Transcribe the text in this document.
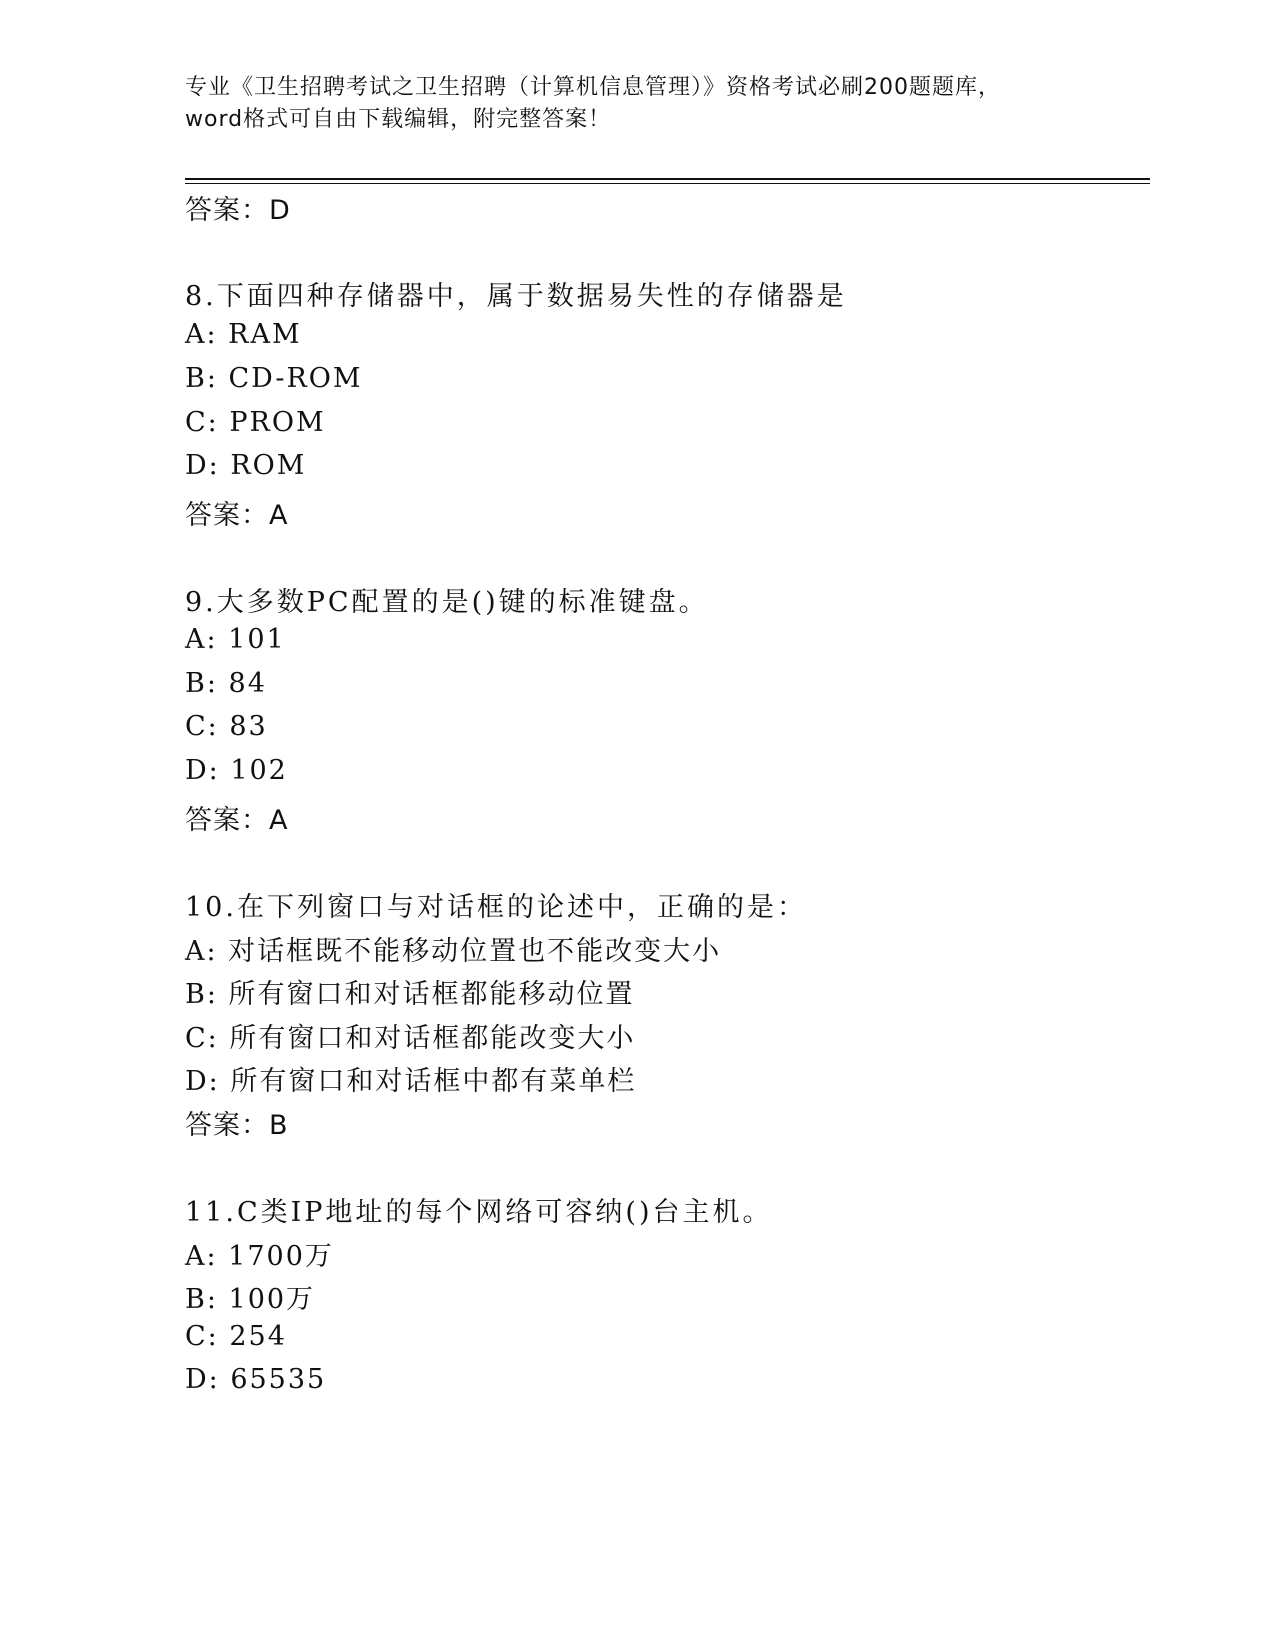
专业《卫生招聘考试之卫生招聘（计算机信息管理）》资格考试必刷200题题库，
word格式可自由下载编辑，附完整答案！
答案：D
8.下面四种存储器中，属于数据易失性的存储器是
A: RAM
B: CD-ROM
C: PROM
D: ROM
答案：A
9.大多数PC配置的是()键的标准键盘。
A: 101
B: 84
C: 83
D: 102
答案：A
10.在下列窗口与对话框的论述中，正确的是：
A: 对话框既不能移动位置也不能改变大小
B: 所有窗口和对话框都能移动位置
C: 所有窗口和对话框都能改变大小
D: 所有窗口和对话框中都有菜单栏
答案：B
11.C类IP地址的每个网络可容纳()台主机。
A: 1700万
B: 100万
C: 254
D: 65535
